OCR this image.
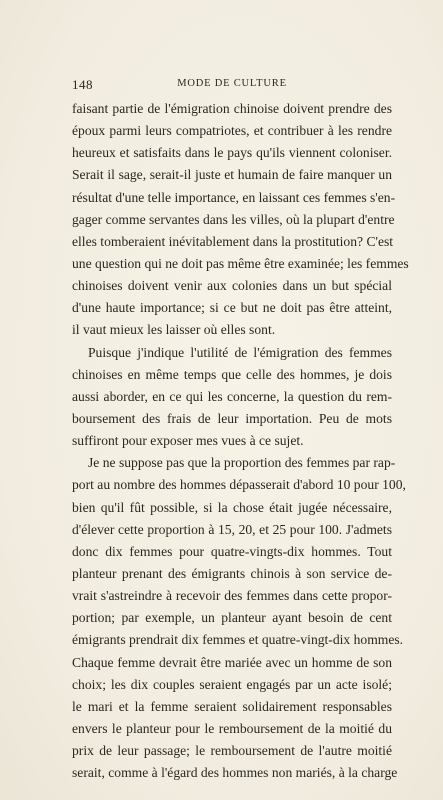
148	MODE DE CULTURE
faisant partie de l'émigration chinoise doivent prendre des
époux parmi leurs compatriotes, et contribuer à les rendre
heureux et satisfaits dans le pays qu'ils viennent coloniser.
Serait il sage, serait-il juste et humain de faire manquer un
résultat d'une telle importance, en laissant ces femmes s'en-
gager comme servantes dans les villes, où la plupart d'entre
elles tomberaient inévitablement dans la prostitution? C'est
une question qui ne doit pas même être examinée; les femmes
chinoises doivent venir aux colonies dans un but spécial
d'une haute importance; si ce but ne doit pas être atteint,
il vaut mieux les laisser où elles sont.
Puisque j'indique l'utilité de l'émigration des femmes
chinoises en même temps que celle des hommes, je dois
aussi aborder, en ce qui les concerne, la question du rem-
boursement des frais de leur importation. Peu de mots
suffiront pour exposer mes vues à ce sujet.
Je ne suppose pas que la proportion des femmes par rap-
port au nombre des hommes dépasserait d'abord 10 pour 100,
bien qu'il fût possible, si la chose était jugée nécessaire,
d'élever cette proportion à 15, 20, et 25 pour 100. J'admets
donc dix femmes pour quatre-vingts-dix hommes. Tout
planteur prenant des émigrants chinois à son service de-
vrait s'astreindre à recevoir des femmes dans cette propor-
portion; par exemple, un planteur ayant besoin de cent
émigrants prendrait dix femmes et quatre-vingt-dix hommes.
Chaque femme devrait être mariée avec un homme de son
choix; les dix couples seraient engagés par un acte isolé;
le mari et la femme seraient solidairement responsables
envers le planteur pour le remboursement de la moitié du
prix de leur passage; le remboursement de l'autre moitié
serait, comme à l'égard des hommes non mariés, à la charge
